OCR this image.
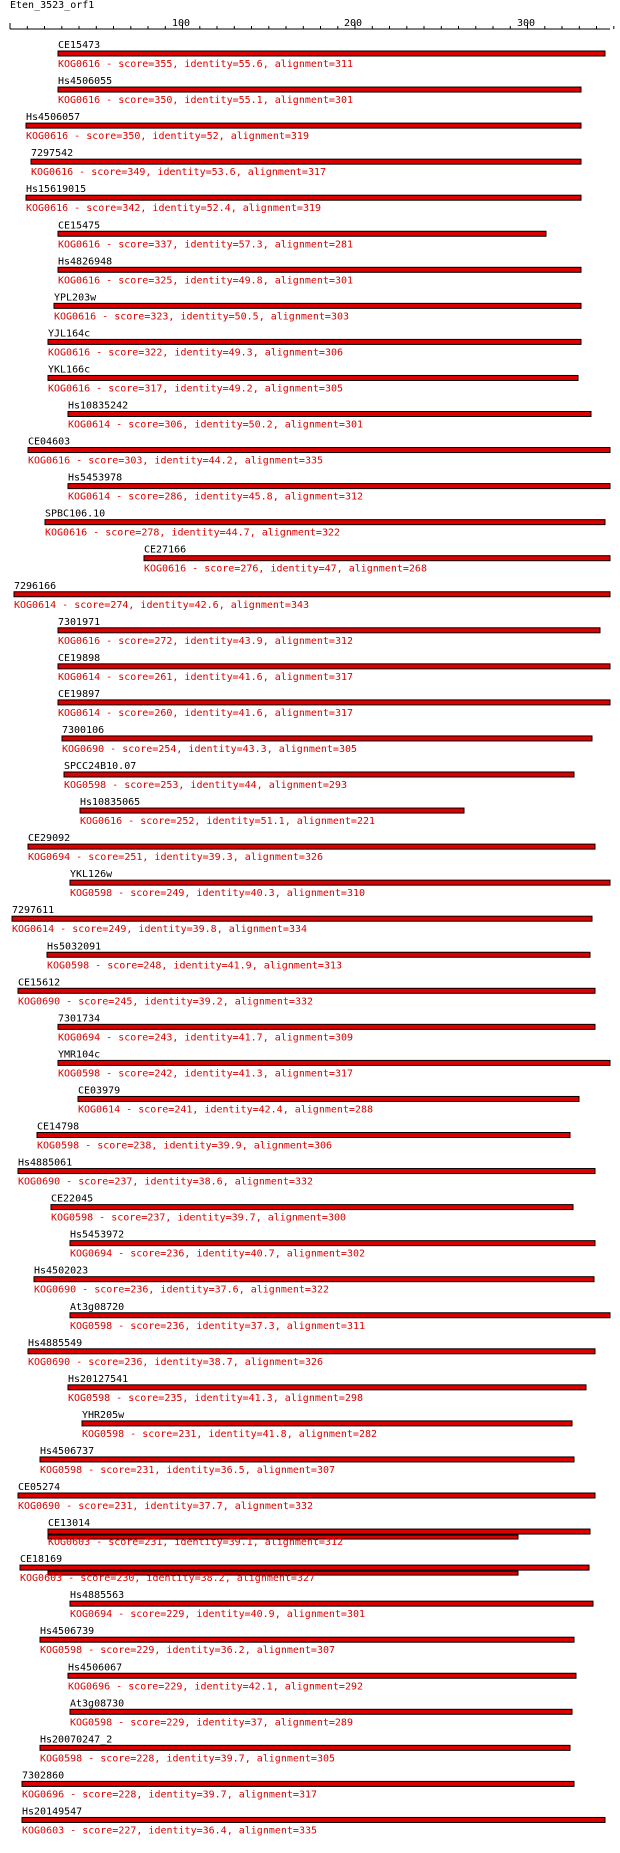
Eten_3523_orf1
100	200	300
CE15473
KOG0616 - score=355, identity=55.6, alignment=311
Hs4506055
KOG0616 - score=350, identity=55.1, alignment=301
Hs4506057
KOG0616 - score=350, identity=52, alignment=319
7297542
KOG0616 - score=349, identity=53.6, alignment=317
Hs15619015
KOG0616 - score=342, identity=52.4, alignment=319
CE15475
KOG0616 - score=337, identity=57.3, alignment=281
Hs4826948
KOG0616 - score=325, identity=49.8, alignment=301
YPL203w
KOG0616 - score=323, identity=50.5, alignment=303
YJL164c
KOG0616 - score=322, identity=49.3, alignment=306
YKL166c
KOG0616 - score=317, identity=49.2, alignment=305
Hs10835242
KOG0614 - score=306, identity=50.2, alignment=301
CE04603
KOG0616 - score=303, identity=44.2, alignment=335
Hs5453978
KOG0614 - score=286, identity=45.8, alignment=312
SPBC106.10
KOG0616 - score=278, identity=44.7, alignment=322
CE27166
KOG0616 - score=276, identity=47, alignment=268
7296166
KOG0614 - score=274, identity=42.6, alignment=343
7301971
KOG0616 - score=272, identity=43.9, alignment=312
CE19898
KOG0614 - score=261, identity=41.6, alignment=317
CE19897
KOG0614 - score=260, identity=41.6, alignment=317
7300106
KOG0690 - score=254, identity=43.3, alignment=305
SPCC24B10.07
KOG0598 - score=253, identity=44, alignment=293
Hs10835065
KOG0616 - score=252, identity=51.1, alignment=221
CE29092
KOG0694 - score=251, identity=39.3, alignment=326
YKL126w
KOG0598 - score=249, identity=40.3, alignment=310
7297611
KOG0614 - score=249, identity=39.8, alignment=334
Hs5032091
KOG0598 - score=248, identity=41.9, alignment=313
CE15612
KOG0690 - score=245, identity=39.2, alignment=332
7301734
KOG0694 - score=243, identity=41.7, alignment=309
YMR104c
KOG0598 - score=242, identity=41.3, alignment=317
CE03979
KOG0614 - score=241, identity=42.4, alignment=288
CE14798
KOG0598 - score=238, identity=39.9, alignment=306
Hs4885061
KOG0690 - score=237, identity=38.6, alignment=332
CE22045
KOG0598 - score=237, identity=39.7, alignment=300
Hs5453972
KOG0694 - score=236, identity=40.7, alignment=302
Hs4502023
KOG0690 - score=236, identity=37.6, alignment=322
At3g08720
KOG0598 - score=236, identity=37.3, alignment=311
Hs4885549
KOG0690 - score=236, identity=38.7, alignment=326
Hs20127541
KOG0598 - score=235, identity=41.3, alignment=298
YHR205w
KOG0598 - score=231, identity=41.8, alignment=282
Hs4506737
KOG0598 - score=231, identity=36.5, alignment=307
CE05274
KOG0690 - score=231, identity=37.7, alignment=332
CE13014
KOG0603 - score=231, identity=39.1, alignment=312
CE18169
KOG0603 - score=230, identity=38.2, alignment=327
Hs4885563
KOG0694 - score=229, identity=40.9, alignment=301
Hs4506739
KOG0598 - score=229, identity=36.2, alignment=307
Hs4506067
KOG0696 - score=229, identity=42.1, alignment=292
At3g08730
KOG0598 - score=229, identity=37, alignment=289
Hs20070247_2
KOG0598 - score=228, identity=39.7, alignment=305
7302860
KOG0696 - score=228, identity=39.7, alignment=317
Hs20149547
KOG0603 - score=227, identity=36.4, alignment=335
